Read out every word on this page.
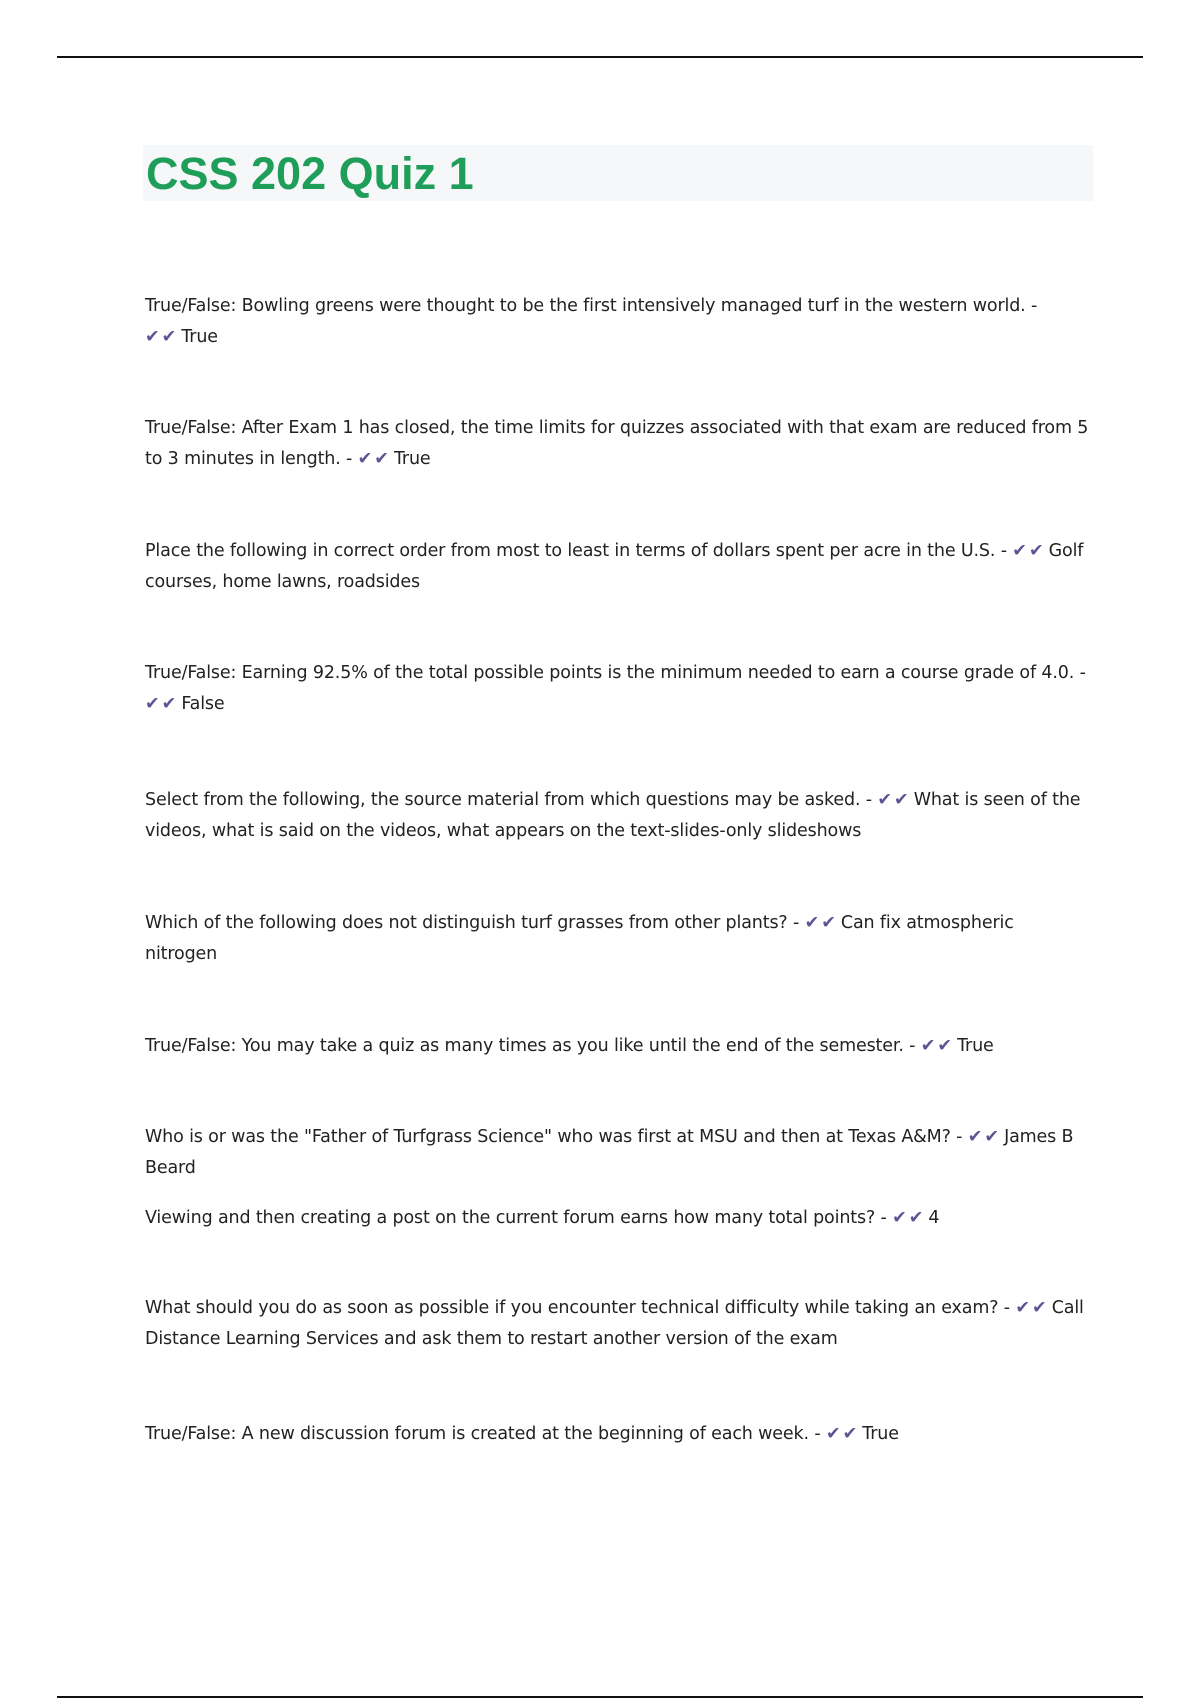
CSS 202 Quiz 1

True/False: Bowling greens were thought to be the first intensively managed turf in the western world. - ✔✔ True

True/False: After Exam 1 has closed, the time limits for quizzes associated with that exam are reduced from 5 to 3 minutes in length. - ✔✔ True

Place the following in correct order from most to least in terms of dollars spent per acre in the U.S. - ✔✔ Golf courses, home lawns, roadsides

True/False: Earning 92.5% of the total possible points is the minimum needed to earn a course grade of 4.0. - ✔✔ False

Select from the following, the source material from which questions may be asked. - ✔✔ What is seen of the videos, what is said on the videos, what appears on the text-slides-only slideshows

Which of the following does not distinguish turf grasses from other plants? - ✔✔ Can fix atmospheric nitrogen

True/False: You may take a quiz as many times as you like until the end of the semester. - ✔✔ True

Who is or was the "Father of Turfgrass Science" who was first at MSU and then at Texas A&M? - ✔✔ James B Beard

Viewing and then creating a post on the current forum earns how many total points? - ✔✔ 4

What should you do as soon as possible if you encounter technical difficulty while taking an exam? - ✔✔ Call Distance Learning Services and ask them to restart another version of the exam

True/False: A new discussion forum is created at the beginning of each week. - ✔✔ True
